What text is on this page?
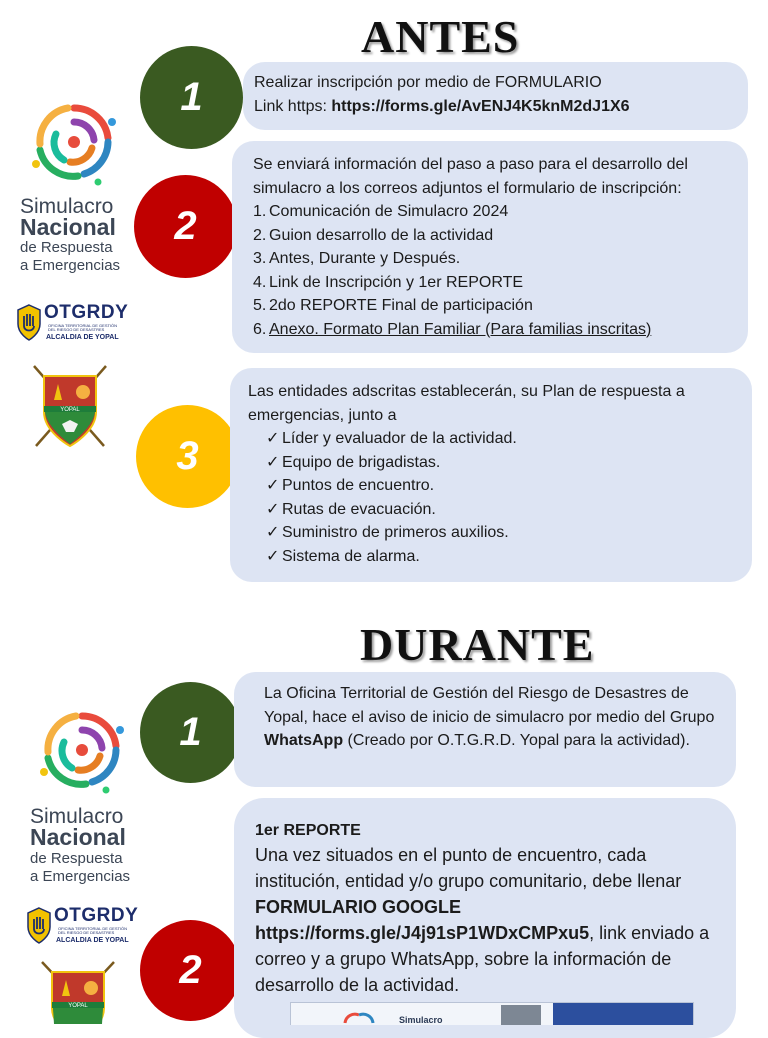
ANTES
1	Realizar inscripción por medio de FORMULARIO

Link https: https://forms.gle/AvENJ4K5knM2dJ1X6

2

Se enviará información del paso a paso para el desarrollo del simulacro a los correos adjuntos el formulario de inscripción:

1. Comunicación de Simulacro 2024
2. Guion desarrollo de la actividad
3. Antes, Durante y Después.
4. Link de Inscripción y 1er REPORTE
5. 2do REPORTE Final de participación
6. Anexo. Formato Plan Familiar (Para familias inscritas)
3

Las entidades adscritas establecerán, su Plan de respuesta a emergencias, junto a

✓ Líder y evaluador de la actividad.
✓ Equipo de brigadistas.
✓ Puntos de encuentro.
✓ Rutas de evacuación.
✓ Suministro de primeros auxilios.
✓ Sistema de alarma.
Simulacro
Nacional
de Respuesta
a Emergencias
OTGRDY
OFICINA TERRITORIAL DE GESTIÓN
DEL RIESGO DE DESASTRES
ALCALDIA DE YOPAL
YOPAL
DURANTE
1

La Oficina Territorial de Gestión del Riesgo de Desastres de Yopal, hace el aviso de inicio de simulacro por medio del Grupo WhatsApp (Creado por O.T.G.R.D. Yopal para la actividad).

2

1er REPORTE

Una vez situados en el punto de encuentro, cada institución, entidad y/o grupo comunitario, debe llenar FORMULARIO GOOGLE
https://forms.gle/J4j91sP1WDxCMPxu5, link enviado a correo y a grupo WhatsApp, sobre la información de desarrollo de la actividad.

Simulacro
Simulacro
Nacional
de Respuesta
a Emergencias
OTGRDY
OFICINA TERRITORIAL DE GESTIÓN
DEL RIESGO DE DESASTRES
ALCALDIA DE YOPAL
YOPAL
